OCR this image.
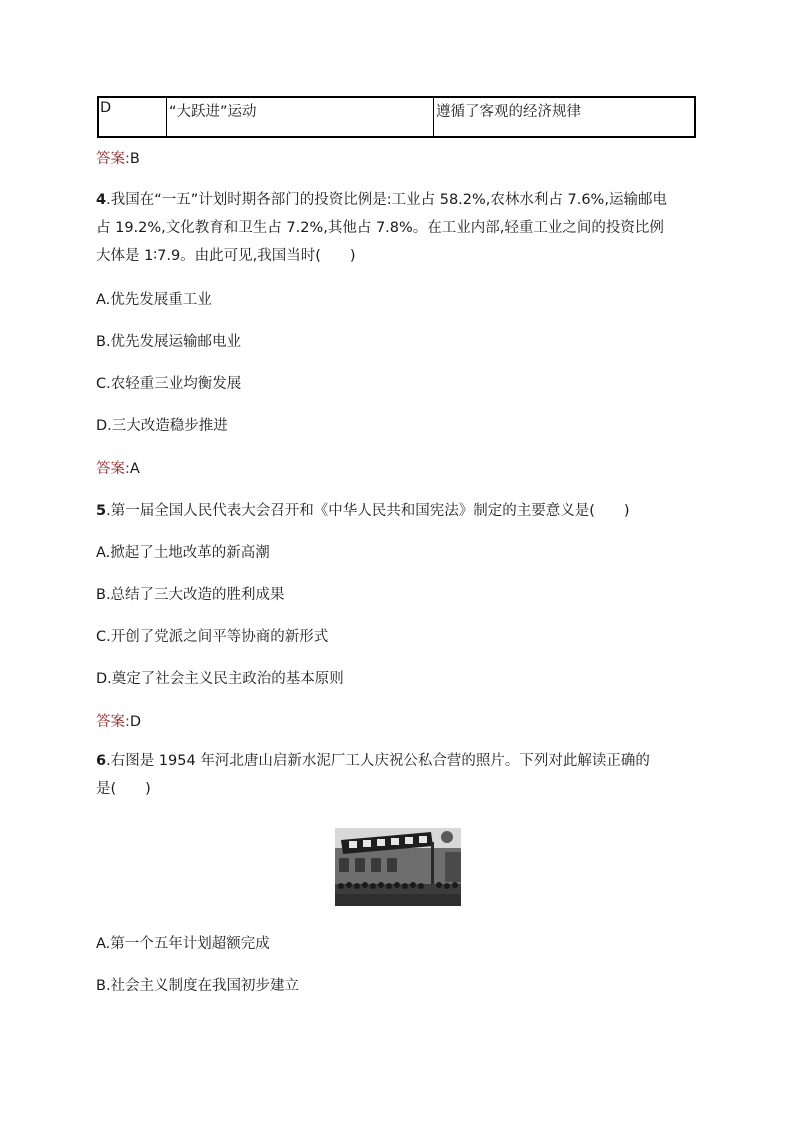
D	“大跃进”运动	遵循了客观的经济规律
答案:B
4.我国在“一五”计划时期各部门的投资比例是:工业占 58.2%,农林水利占 7.6%,运输邮电
占 19.2%,文化教育和卫生占 7.2%,其他占 7.8%。在工业内部,轻重工业之间的投资比例
大体是 1∶7.9。由此可见,我国当时(　　)
A.优先发展重工业
B.优先发展运输邮电业
C.农轻重三业均衡发展
D.三大改造稳步推进
答案:A
5.第一届全国人民代表大会召开和《中华人民共和国宪法》制定的主要意义是(　　)
A.掀起了土地改革的新高潮
B.总结了三大改造的胜利成果
C.开创了党派之间平等协商的新形式
D.奠定了社会主义民主政治的基本原则
答案:D
6.右图是 1954 年河北唐山启新水泥厂工人庆祝公私合营的照片。下列对此解读正确的
是(　　)
A.第一个五年计划超额完成
B.社会主义制度在我国初步建立
